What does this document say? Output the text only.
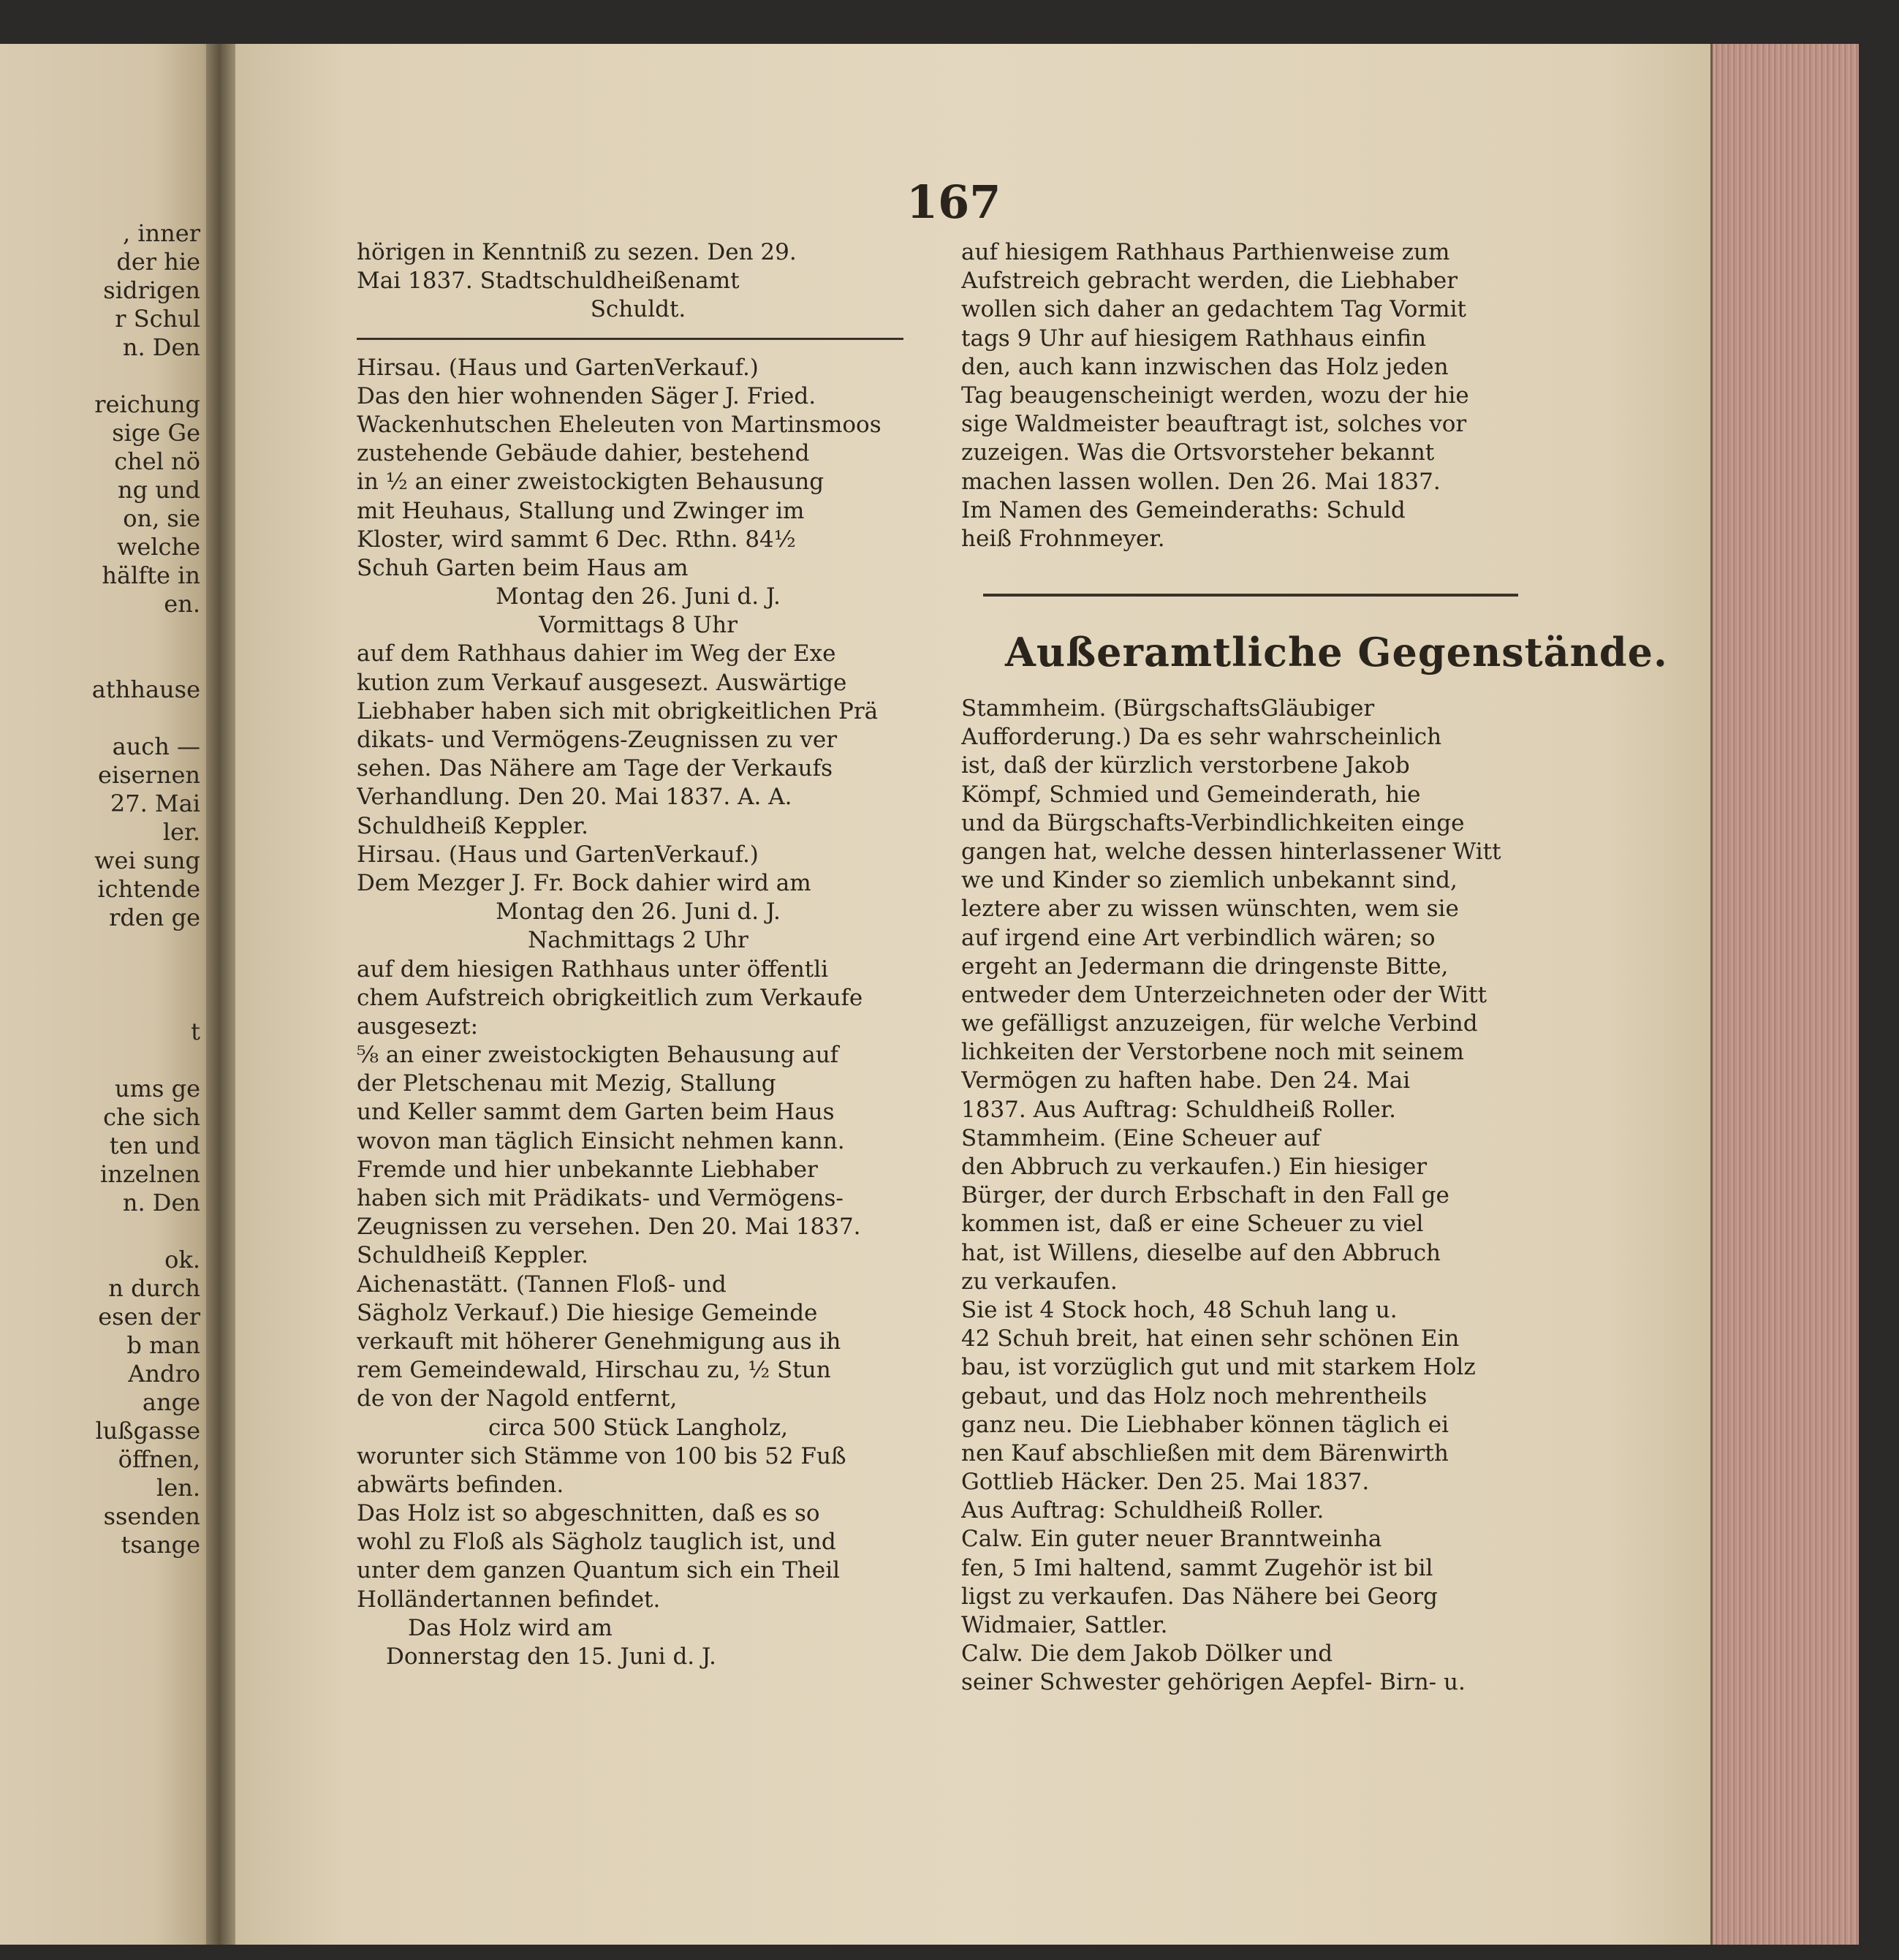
, inner
der hie
sidrigen
r Schul
n. Den

reichung
sige Ge
chel nö
ng und
on, sie
welche
hälfte in
en.

athhause

auch —
eisernen
27. Mai
ler.
wei sung
ichtende
rden ge

t

ums ge
che sich
ten und
inzelnen
n. Den

ok.
n durch
esen der
b man
Andro
ange
lußgasse
öffnen,
len.
ssenden
tsange
167
hörigen in Kenntniß zu sezen. Den 29.
Mai 1837. Stadtschuldheißenamt
Schuldt.
Hirsau. (Haus und GartenVerkauf.)
Das den hier wohnenden Säger J. Fried.
Wackenhutschen Eheleuten von Martinsmoos
zustehende Gebäude dahier, bestehend
in ½ an einer zweistockigten Behausung
mit Heuhaus, Stallung und Zwinger im
Kloster, wird sammt 6 Dec. Rthn. 84½
Schuh Garten beim Haus am
Montag den 26. Juni d. J.
Vormittags 8 Uhr
auf dem Rathhaus dahier im Weg der Exe
kution zum Verkauf ausgesezt. Auswärtige
Liebhaber haben sich mit obrigkeitlichen Prä
dikats- und Vermögens-Zeugnissen zu ver
sehen. Das Nähere am Tage der Verkaufs
Verhandlung. Den 20. Mai 1837. A. A.
Schuldheiß Keppler.
Hirsau. (Haus und GartenVerkauf.)
Dem Mezger J. Fr. Bock dahier wird am
Montag den 26. Juni d. J.
Nachmittags 2 Uhr
auf dem hiesigen Rathhaus unter öffentli
chem Aufstreich obrigkeitlich zum Verkaufe
ausgesezt:
⅝ an einer zweistockigten Behausung auf
der Pletschenau mit Mezig, Stallung
und Keller sammt dem Garten beim Haus
wovon man täglich Einsicht nehmen kann.
Fremde und hier unbekannte Liebhaber
haben sich mit Prädikats- und Vermögens-
Zeugnissen zu versehen. Den 20. Mai 1837.
Schuldheiß Keppler.
Aichenastätt. (Tannen Floß- und
Sägholz Verkauf.) Die hiesige Gemeinde
verkauft mit höherer Genehmigung aus ih
rem Gemeindewald, Hirschau zu, ½ Stun
de von der Nagold entfernt,
circa 500 Stück Langholz,
worunter sich Stämme von 100 bis 52 Fuß
abwärts befinden.
Das Holz ist so abgeschnitten, daß es so
wohl zu Floß als Sägholz tauglich ist, und
unter dem ganzen Quantum sich ein Theil
Holländertannen befindet.
Das Holz wird am
Donnerstag den 15. Juni d. J.
auf hiesigem Rathhaus Parthienweise zum
Aufstreich gebracht werden, die Liebhaber
wollen sich daher an gedachtem Tag Vormit
tags 9 Uhr auf hiesigem Rathhaus einfin
den, auch kann inzwischen das Holz jeden
Tag beaugenscheinigt werden, wozu der hie
sige Waldmeister beauftragt ist, solches vor
zuzeigen. Was die Ortsvorsteher bekannt
machen lassen wollen. Den 26. Mai 1837.
Im Namen des Gemeinderaths: Schuld
heiß Frohnmeyer.
Außeramtliche Gegenstände.
Stammheim. (BürgschaftsGläubiger
Aufforderung.) Da es sehr wahrscheinlich
ist, daß der kürzlich verstorbene Jakob
Kömpf, Schmied und Gemeinderath, hie
und da Bürgschafts-Verbindlichkeiten einge
gangen hat, welche dessen hinterlassener Witt
we und Kinder so ziemlich unbekannt sind,
leztere aber zu wissen wünschten, wem sie
auf irgend eine Art verbindlich wären; so
ergeht an Jedermann die dringenste Bitte,
entweder dem Unterzeichneten oder der Witt
we gefälligst anzuzeigen, für welche Verbind
lichkeiten der Verstorbene noch mit seinem
Vermögen zu haften habe. Den 24. Mai
1837. Aus Auftrag: Schuldheiß Roller.
Stammheim. (Eine Scheuer auf
den Abbruch zu verkaufen.) Ein hiesiger
Bürger, der durch Erbschaft in den Fall ge
kommen ist, daß er eine Scheuer zu viel
hat, ist Willens, dieselbe auf den Abbruch
zu verkaufen.
Sie ist 4 Stock hoch, 48 Schuh lang u.
42 Schuh breit, hat einen sehr schönen Ein
bau, ist vorzüglich gut und mit starkem Holz
gebaut, und das Holz noch mehrentheils
ganz neu. Die Liebhaber können täglich ei
nen Kauf abschließen mit dem Bärenwirth
Gottlieb Häcker. Den 25. Mai 1837.
Aus Auftrag: Schuldheiß Roller.
Calw. Ein guter neuer Branntweinha
fen, 5 Imi haltend, sammt Zugehör ist bil
ligst zu verkaufen. Das Nähere bei Georg
Widmaier, Sattler.
Calw. Die dem Jakob Dölker und
seiner Schwester gehörigen Aepfel- Birn- u.
